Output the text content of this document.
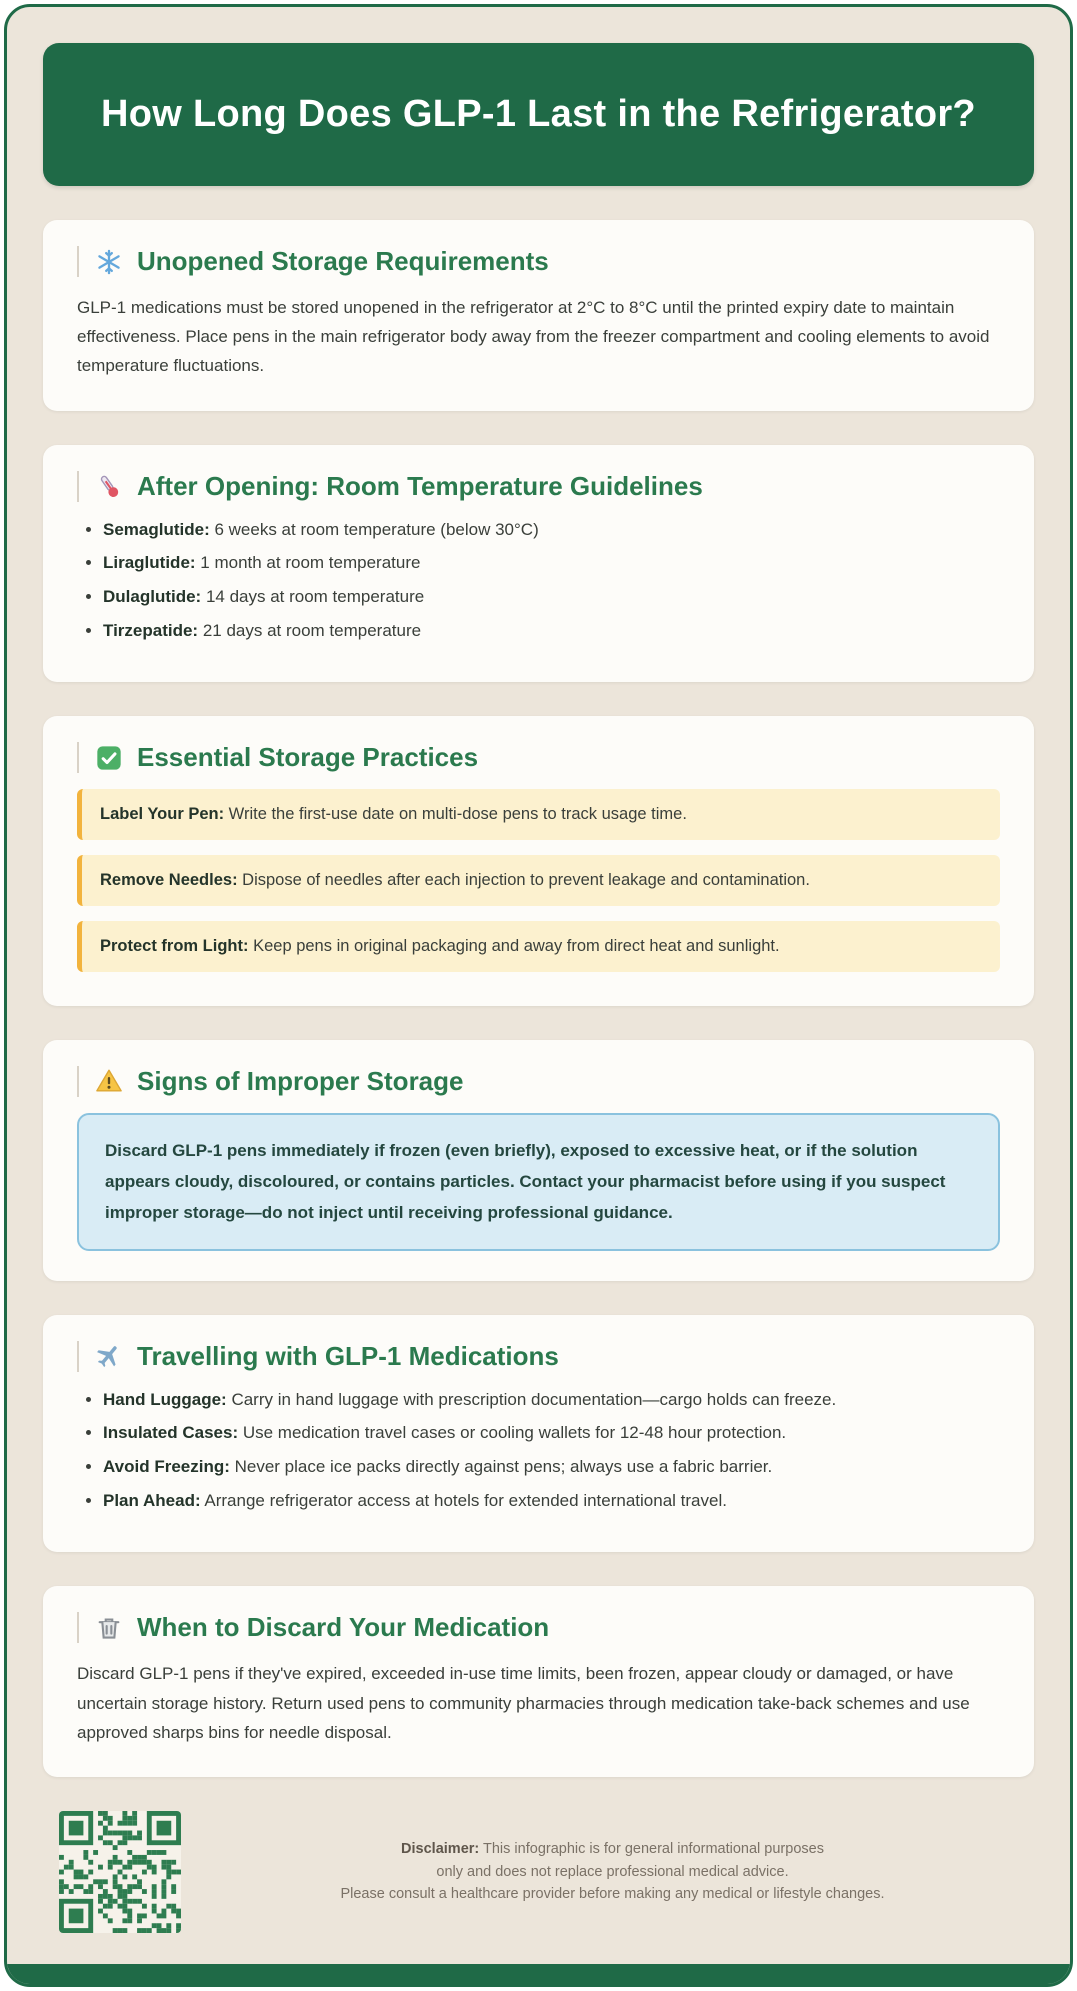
How Long Does GLP-1 Last in the Refrigerator?
Unopened Storage Requirements

GLP-1 medications must be stored unopened in the refrigerator at 2°C to 8°C until the printed expiry date to maintain effectiveness. Place pens in the main refrigerator body away from the freezer compartment and cooling elements to avoid temperature fluctuations.

After Opening: Room Temperature Guidelines
• Semaglutide: 6 weeks at room temperature (below 30°C)
• Liraglutide: 1 month at room temperature
• Dulaglutide: 14 days at room temperature
• Tirzepatide: 21 days at room temperature
Essential Storage Practices
Label Your Pen: Write the first-use date on multi-dose pens to track usage time.
Remove Needles: Dispose of needles after each injection to prevent leakage and contamination.
Protect from Light: Keep pens in original packaging and away from direct heat and sunlight.
Signs of Improper Storage
Discard GLP-1 pens immediately if frozen (even briefly), exposed to excessive heat, or if the solution appears cloudy, discoloured, or contains particles. Contact your pharmacist before using if you suspect improper storage—do not inject until receiving professional guidance.
Travelling with GLP-1 Medications
• Hand Luggage: Carry in hand luggage with prescription documentation—cargo holds can freeze.
• Insulated Cases: Use medication travel cases or cooling wallets for 12-48 hour protection.
• Avoid Freezing: Never place ice packs directly against pens; always use a fabric barrier.
• Plan Ahead: Arrange refrigerator access at hotels for extended international travel.
When to Discard Your Medication

Discard GLP-1 pens if they've expired, exceeded in-use time limits, been frozen, appear cloudy or damaged, or have uncertain storage history. Return used pens to community pharmacies through medication take-back schemes and use approved sharps bins for needle disposal.

Disclaimer: This infographic is for general informational purposes
only and does not replace professional medical advice.
Please consult a healthcare provider before making any medical or lifestyle changes.
